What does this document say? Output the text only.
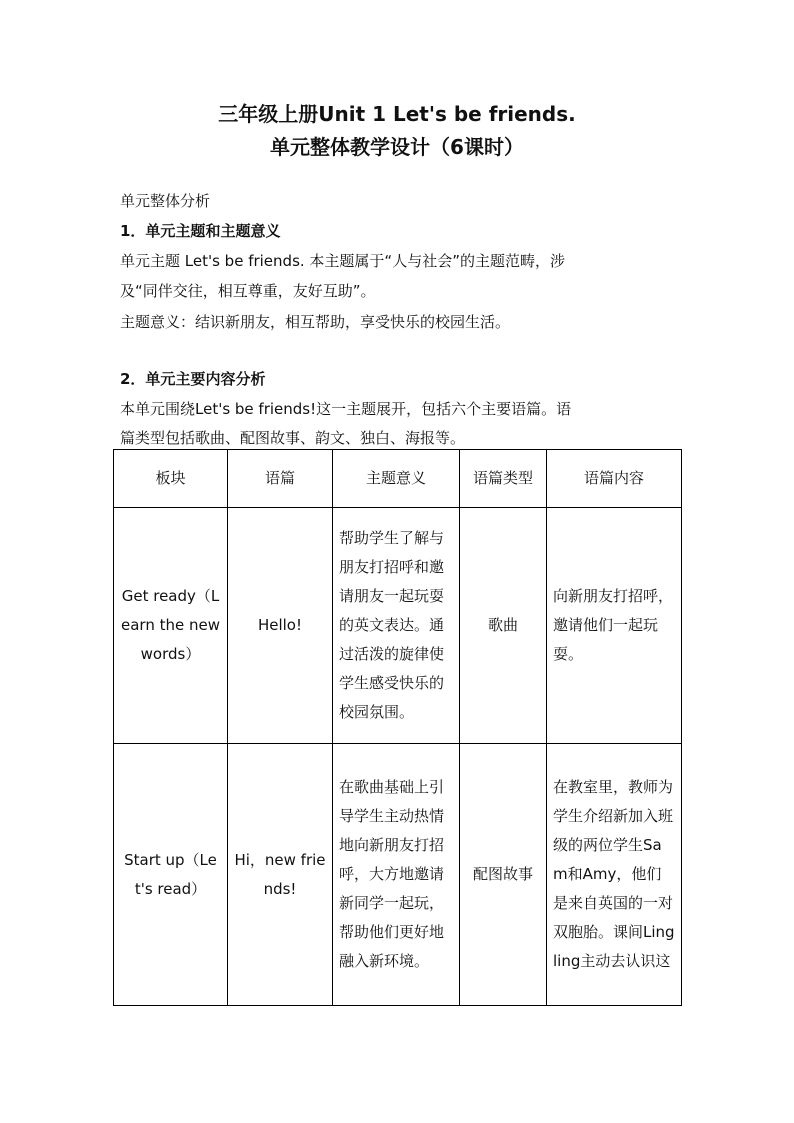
三年级上册Unit 1 Let's be friends.
单元整体教学设计（6课时）
单元整体分析
1．单元主题和主题意义
单元主题 Let's be friends. 本主题属于“人与社会”的主题范畴，涉
及“同伴交往，相互尊重，友好互助”。
主题意义：结识新朋友，相互帮助，享受快乐的校园生活。
2．单元主要内容分析
本单元围绕Let's be friends!这一主题展开，包括六个主要语篇。语
篇类型包括歌曲、配图故事、韵文、独白、海报等。
板块	语篇	主题意义	语篇类型	语篇内容
Get ready（Learn the new words）	Hello!	帮助学生了解与朋友打招呼和邀请朋友一起玩耍的英文表达。通过活泼的旋律使学生感受快乐的校园氛围。	歌曲	向新朋友打招呼，邀请他们一起玩耍。
Start up（Let's read）	Hi，new friends!	在歌曲基础上引导学生主动热情地向新朋友打招呼，大方地邀请新同学一起玩，帮助他们更好地融入新环境。	配图故事	在教室里，教师为学生介绍新加入班级的两位学生Sam和Amy，他们是来自英国的一对双胞胎。课间Lingling主动去认识这
